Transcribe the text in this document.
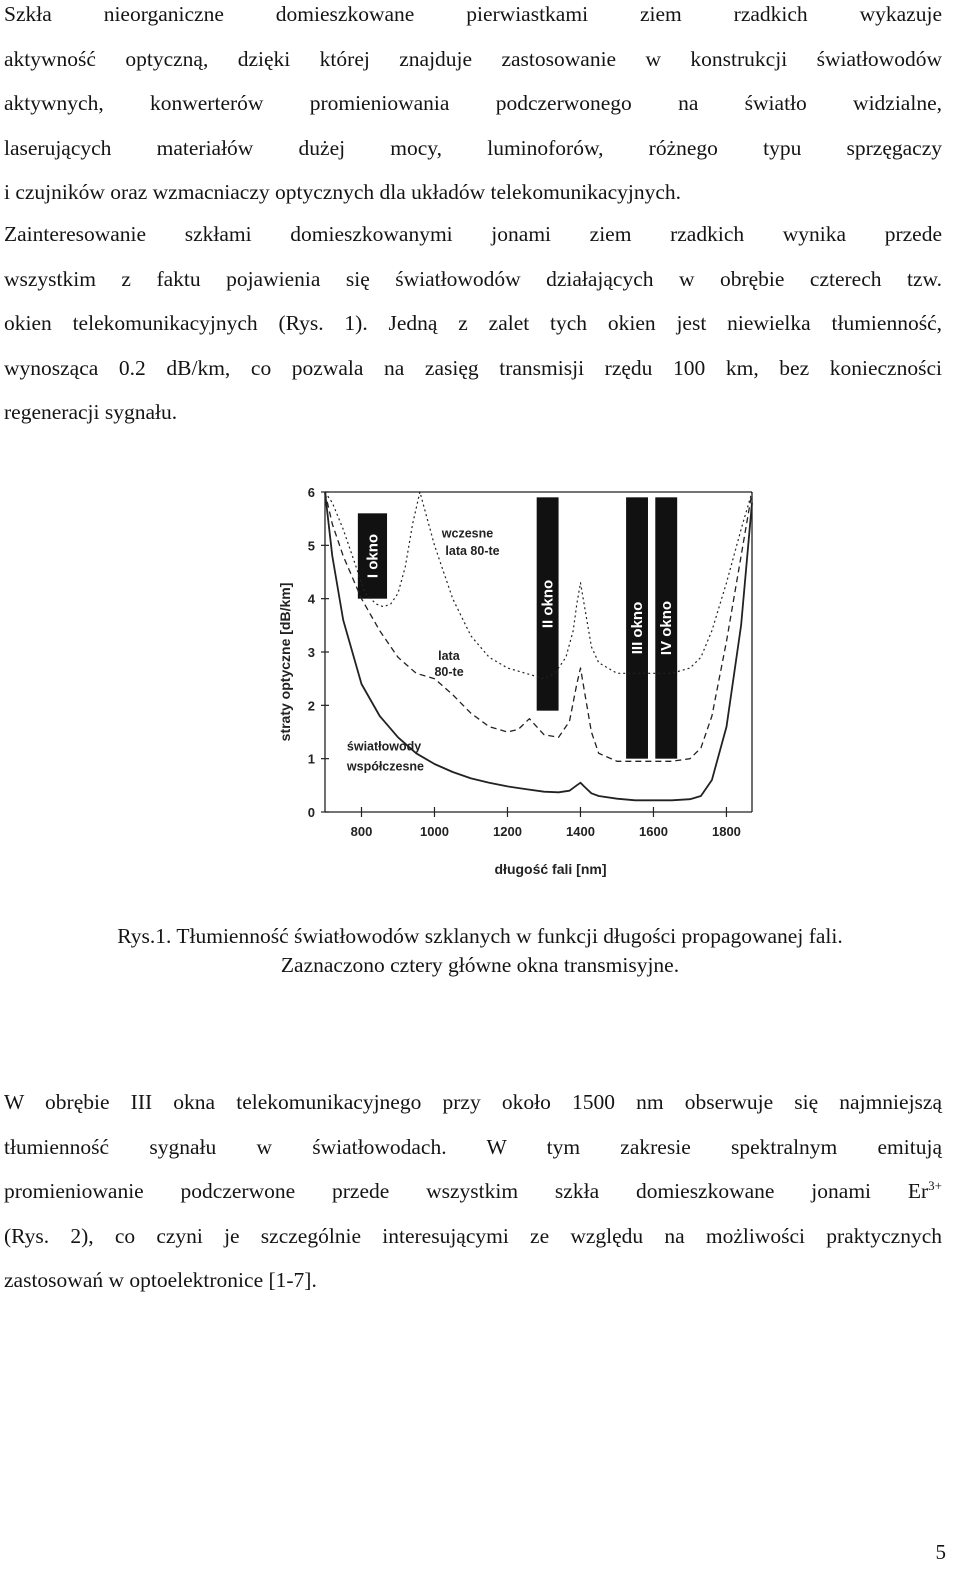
Szkła nieorganiczne domieszkowane pierwiastkami ziem rzadkich wykazuje
aktywność optyczną, dzięki której znajduje zastosowanie w konstrukcji światłowodów
aktywnych, konwerterów promieniowania podczerwonego na światło widzialne,
laserujących materiałów dużej mocy, luminoforów, różnego typu sprzęgaczy
i czujników oraz wzmacniaczy optycznych dla układów telekomunikacyjnych.
Zainteresowanie szkłami domieszkowanymi jonami ziem rzadkich wynika przede
wszystkim z faktu pojawienia się światłowodów działających w obrębie czterech tzw.
okien telekomunikacyjnych (Rys. 1). Jedną z zalet tych okien jest niewielka tłumienność,
wynosząca 0.2 dB/km, co pozwala na zasięg transmisji rzędu 100 km, bez konieczności
regeneracji sygnału.
0
1
2
3
4
5
6
800	1000	1200	1400	1600	1800
długość fali [nm]
straty optyczne [dB/km]
I okno
II okno	III okno IV okno
wczesne
lata 80-te
lata
80-te
światłowody
współczesne

Rys.1. Tłumienność światłowodów szklanych w funkcji długości propagowanej fali.

Zaznaczono cztery główne okna transmisyjne.

W obrębie III okna telekomunikacyjnego przy około 1500 nm obserwuje się najmniejszą
tłumienność sygnału w światłowodach. W tym zakresie spektralnym emitują
promieniowanie podczerwone przede wszystkim szkła domieszkowane jonami $Er^{3+}$
(Rys. 2), co czyni je szczególnie interesującymi ze względu na możliwości praktycznych
zastosowań w optoelektronice [1-7].
5
